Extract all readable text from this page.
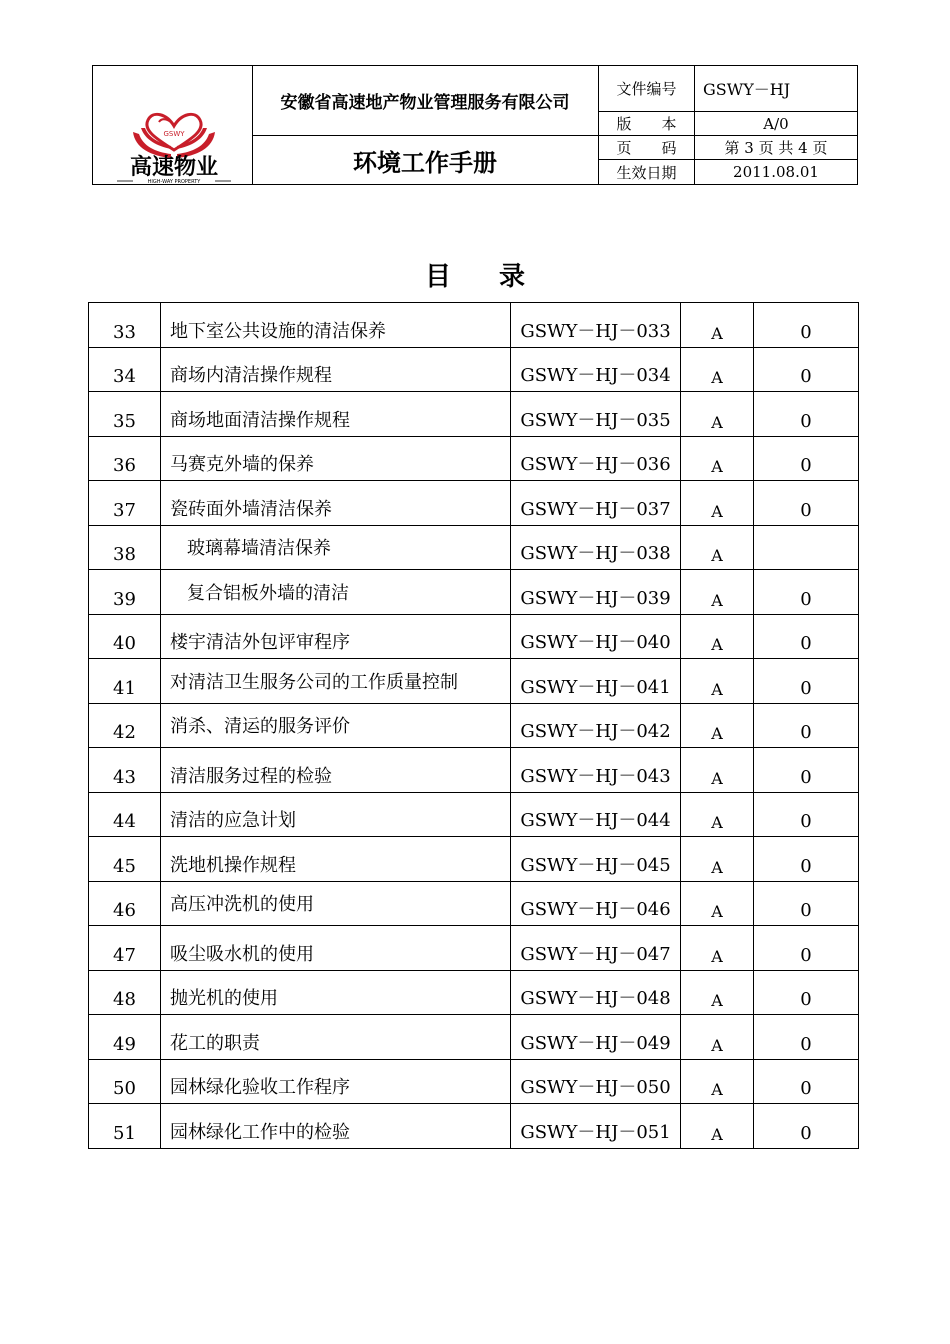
GSWY
高速物业
HIGH-WAY PROPERTY
安徽省高速地产物业管理服务有限公司
环境工作手册
文件编号	GSWY－HJ
版　　本	A/0
页　　码	第 3 页 共 4 页
生效日期	2011.08.01
目录
33	地下室公共设施的清洁保养	GSWY－HJ－033	A	0
34	商场内清洁操作规程	GSWY－HJ－034	A	0
35	商场地面清洁操作规程	GSWY－HJ－035	A	0
36	马赛克外墙的保养	GSWY－HJ－036	A	0
37	瓷砖面外墙清洁保养	GSWY－HJ－037	A	0
38	玻璃幕墙清洁保养	GSWY－HJ－038	A	
39	复合铝板外墙的清洁	GSWY－HJ－039	A	0
40	楼宇清洁外包评审程序	GSWY－HJ－040	A	0
41	对清洁卫生服务公司的工作质量控制	GSWY－HJ－041	A	0
42	消杀、清运的服务评价	GSWY－HJ－042	A	0
43	清洁服务过程的检验	GSWY－HJ－043	A	0
44	清洁的应急计划	GSWY－HJ－044	A	0
45	洗地机操作规程	GSWY－HJ－045	A	0
46	高压冲洗机的使用	GSWY－HJ－046	A	0
47	吸尘吸水机的使用	GSWY－HJ－047	A	0
48	抛光机的使用	GSWY－HJ－048	A	0
49	花工的职责	GSWY－HJ－049	A	0
50	园林绿化验收工作程序	GSWY－HJ－050	A	0
51	园林绿化工作中的检验	GSWY－HJ－051	A	0
